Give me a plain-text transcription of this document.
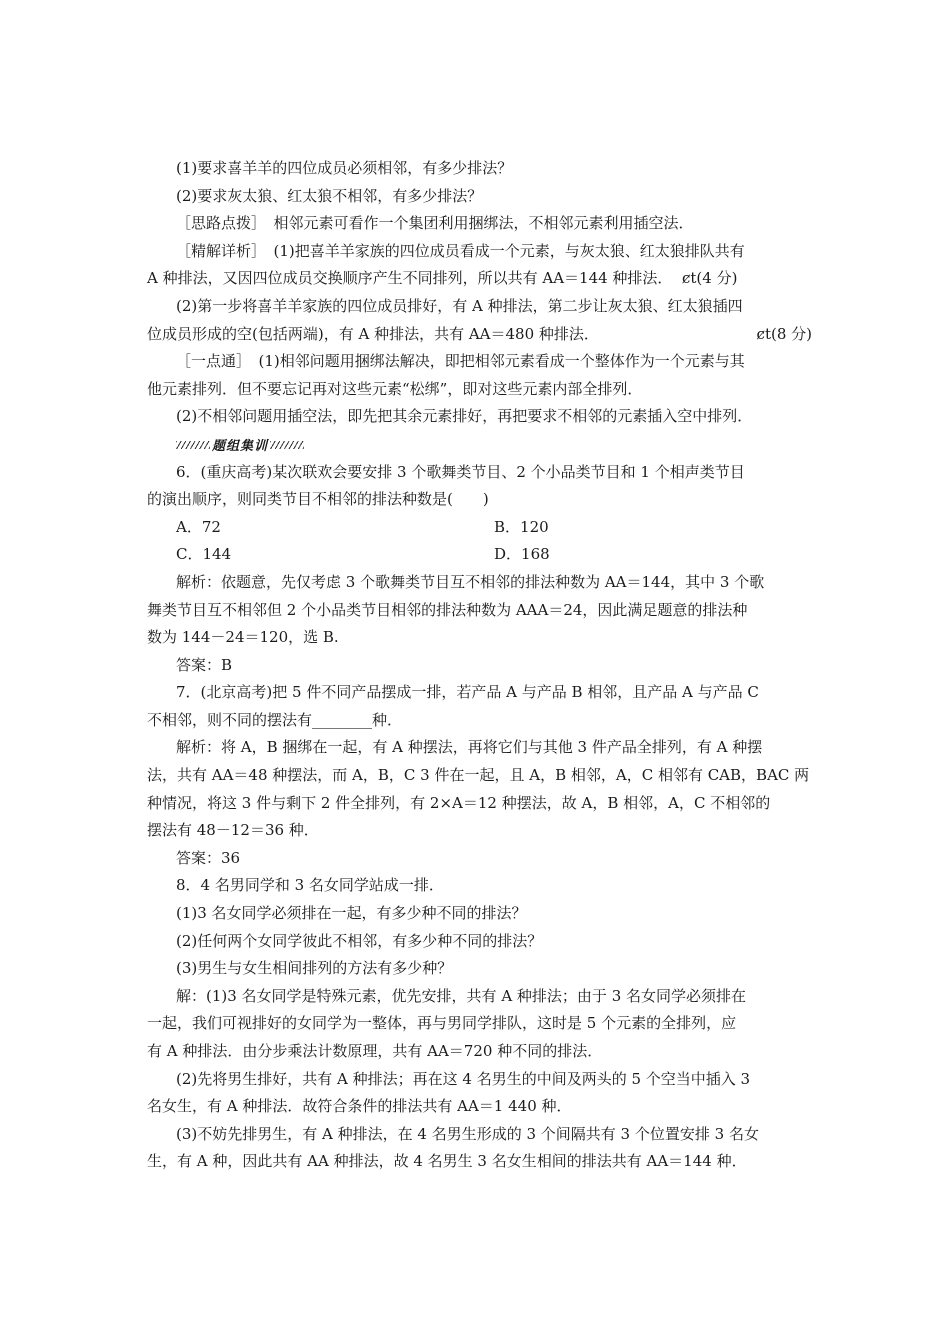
(1)要求喜羊羊的四位成员必须相邻，有多少排法？
(2)要求灰太狼、红太狼不相邻，有多少排法？
［思路点拨］　相邻元素可看作一个集团利用捆绑法，不相邻元素利用插空法．
［精解详析］　(1)把喜羊羊家族的四位成员看成一个元素，与灰太狼、红太狼排队共有
A 种排法，又因四位成员交换顺序产生不同排列，所以共有 AA＝144 种排法．  ȼt(4 分)
(2)第一步将喜羊羊家族的四位成员排好，有 A 种排法，第二步让灰太狼、红太狼插四
位成员形成的空(包括两端)，有 A 种排法，共有 AA＝480 种排法．	ȼt(8 分)
［一点通］　(1)相邻问题用捆绑法解决，即把相邻元素看成一个整体作为一个元素与其
他元素排列．但不要忘记再对这些元素“松绑”，即对这些元素内部全排列．
(2)不相邻问题用插空法，即先把其余元素排好，再把要求不相邻的元素插入空中排列．
题组集训
6．(重庆高考)某次联欢会要安排 3 个歌舞类节目、2 个小品类节目和 1 个相声类节目
的演出顺序，则同类节目不相邻的排法种数是(　　)
A．72	B．120
C．144	D．168
解析：依题意，先仅考虑 3 个歌舞类节目互不相邻的排法种数为 AA＝144，其中 3 个歌
舞类节目互不相邻但 2 个小品类节目相邻的排法种数为 AAA＝24，因此满足题意的排法种
数为 144－24＝120，选 B.
答案：B
7．(北京高考)把 5 件不同产品摆成一排，若产品 A 与产品 B 相邻，且产品 A 与产品 C
不相邻，则不同的摆法有________种．
解析：将 A，B 捆绑在一起，有 A 种摆法，再将它们与其他 3 件产品全排列，有 A 种摆
法，共有 AA＝48 种摆法，而 A，B，C 3 件在一起，且 A，B 相邻，A，C 相邻有 CAB，BAC 两
种情况，将这 3 件与剩下 2 件全排列，有 2×A＝12 种摆法，故 A，B 相邻，A，C 不相邻的
摆法有 48－12＝36 种．
答案：36
8．4 名男同学和 3 名女同学站成一排．
(1)3 名女同学必须排在一起，有多少种不同的排法？
(2)任何两个女同学彼此不相邻，有多少种不同的排法？
(3)男生与女生相间排列的方法有多少种？
解：(1)3 名女同学是特殊元素，优先安排，共有 A 种排法；由于 3 名女同学必须排在
一起，我们可视排好的女同学为一整体，再与男同学排队，这时是 5 个元素的全排列，应
有 A 种排法．由分步乘法计数原理，共有 AA＝720 种不同的排法．
(2)先将男生排好，共有 A 种排法；再在这 4 名男生的中间及两头的 5 个空当中插入 3
名女生，有 A 种排法．故符合条件的排法共有 AA＝1 440 种．
(3)不妨先排男生，有 A 种排法，在 4 名男生形成的 3 个间隔共有 3 个位置安排 3 名女
生，有 A 种，因此共有 AA 种排法，故 4 名男生 3 名女生相间的排法共有 AA＝144 种．
